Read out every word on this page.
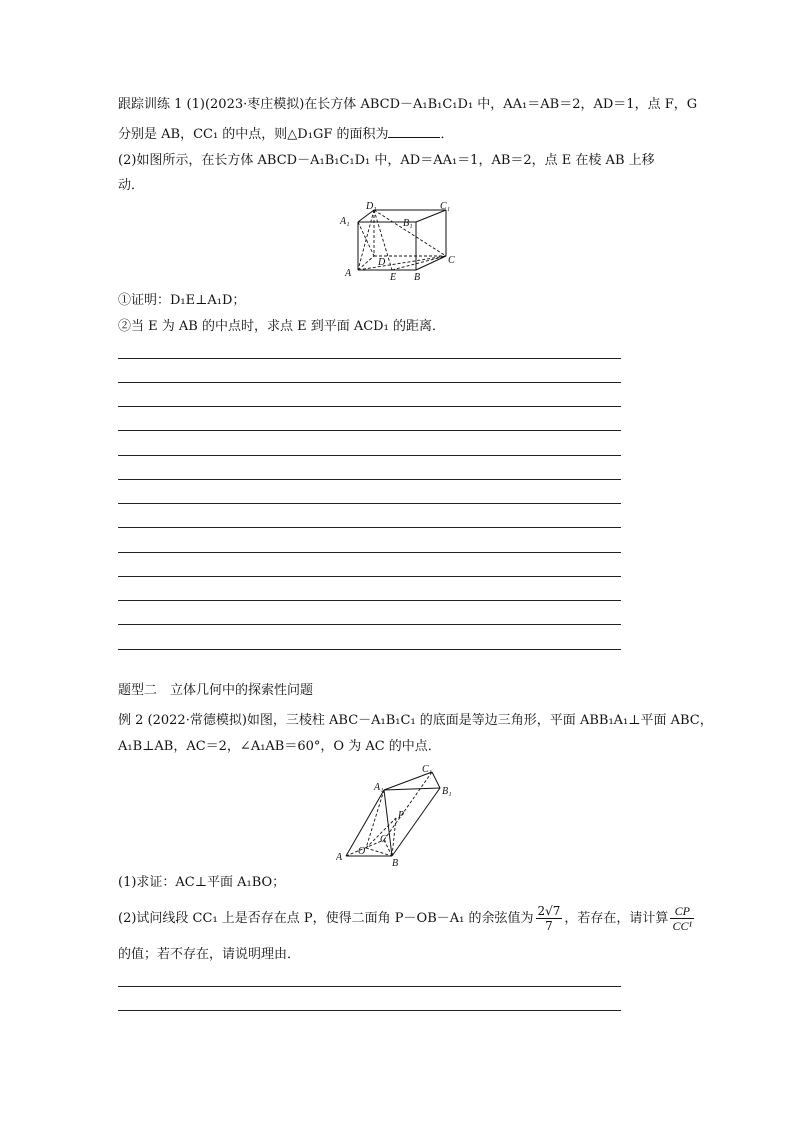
跟踪训练 1 (1)(2023·枣庄模拟)在长方体 ABCD－A₁B₁C₁D₁ 中，AA₁＝AB＝2，AD＝1，点 F，G
分别是 AB，CC₁ 的中点，则△D₁GF 的面积为	．
(2)如图所示，在长方体 ABCD－A₁B₁C₁D₁ 中，AD＝AA₁＝1，AB＝2，点 E 在棱 AB 上移
动．
A₁
D₁
B₁
C₁
A
D
E B
C
①证明：D₁E⊥A₁D；
②当 E 为 AB 的中点时，求点 E 到平面 ACD₁ 的距离．
题型二　立体几何中的探索性问题
例 2 (2022·常德模拟)如图，三棱柱 ABC－A₁B₁C₁ 的底面是等边三角形，平面 ABB₁A₁⊥平面 ABC，
A₁B⊥AB，AC＝2，∠A₁AB＝60°，O 为 AC 的中点．
C₁
A₁	B₁
P
C
A
O
B
(1)求证：AC⊥平面 A₁BO；
(2)试问线段 CC₁ 上是否存在点 P，使得二面角 P－OB－A₁ 的余弦值为 $\frac{2√7}{7}$ ，若存在，请计算 $\frac{CP}{\text{CC¹}}$
的值；若不存在，请说明理由．
